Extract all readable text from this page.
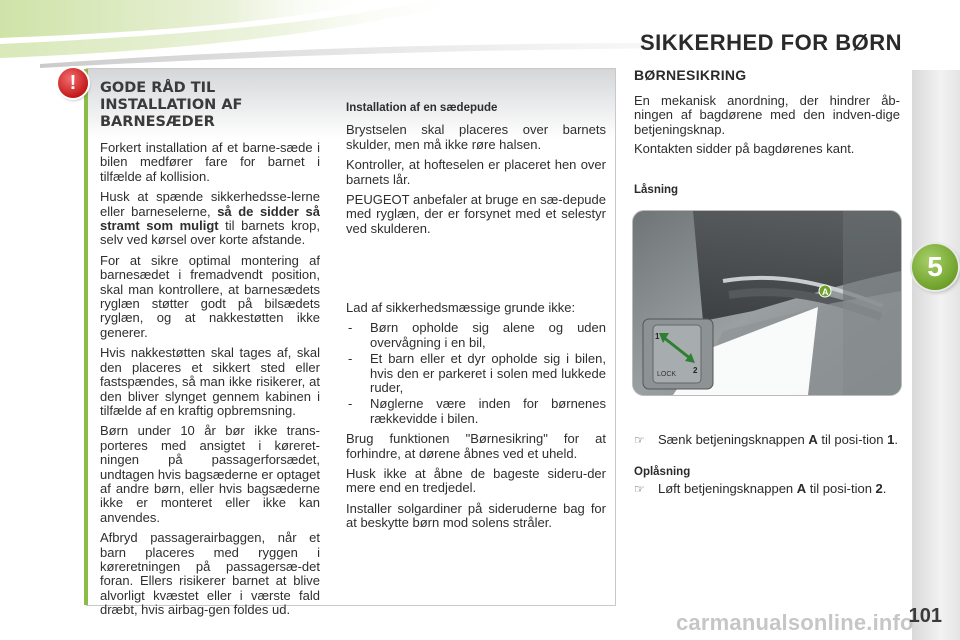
SIKKERHED FOR BØRN
5
!	GODE RÅD TIL INSTALLATION AF BARNESÆDER

Forkert installation af et barne-sæde i bilen medfører fare for barnet i tilfælde af kollision.

Husk at spænde sikkerhedsse-lerne eller barneselerne, så de sidder så stramt som muligt til barnets krop, selv ved kørsel over korte afstande.

For at sikre optimal montering af barnesædet i fremadvendt position, skal man kontrollere, at barnesædets ryglæn støtter godt på bilsædets ryglæn, og at nakkestøtten ikke generer.

Hvis nakkestøtten skal tages af, skal den placeres et sikkert sted eller fastspændes, så man ikke risikerer, at den bliver slynget gennem kabinen i tilfælde af en kraftig opbremsning.

Børn under 10 år bør ikke trans-porteres med ansigtet i køreret-ningen på passagerforsædet, undtagen hvis bagsæderne er optaget af andre børn, eller hvis bagsæderne ikke er monteret eller ikke kan anvendes.

Afbryd passagerairbaggen, når et barn placeres med ryggen i køreretningen på passagersæ-det foran. Ellers risikerer barnet at blive alvorligt kvæstet eller i værste fald dræbt, hvis airbag-gen foldes ud.

Installation af en sædepude

Brystselen skal placeres over barnets skulder, men må ikke røre halsen.

Kontroller, at hofteselen er placeret hen over barnets lår.

PEUGEOT anbefaler at bruge en sæ-depude med ryglæn, der er forsynet med et selestyr ved skulderen.

Lad af sikkerhedsmæssige grunde ikke:

- Børn opholde sig alene og uden overvågning i en bil,
- Et barn eller et dyr opholde sig i bilen, hvis den er parkeret i solen med lukkede ruder,
- Nøglerne være inden for børnenes rækkevidde i bilen.

Brug funktionen "Børnesikring" for at forhindre, at dørene åbnes ved et uheld.

Husk ikke at åbne de bageste sideru-der mere end en tredjedel.

Installer solgardiner på sideruderne bag for at beskytte børn mod solens stråler.

BØRNESIKRING

En mekanisk anordning, der hindrer åb-ningen af bagdørene med den indven-dige betjeningsknap.

Kontakten sidder på bagdørenes kant.

Låsning
LOCK
1
2
A
☞ Sænk betjeningsknappen A til posi-tion 1.
Oplåsning
☞ Løft betjeningsknappen A til posi-tion 2.
carmanualsonline.info
101
